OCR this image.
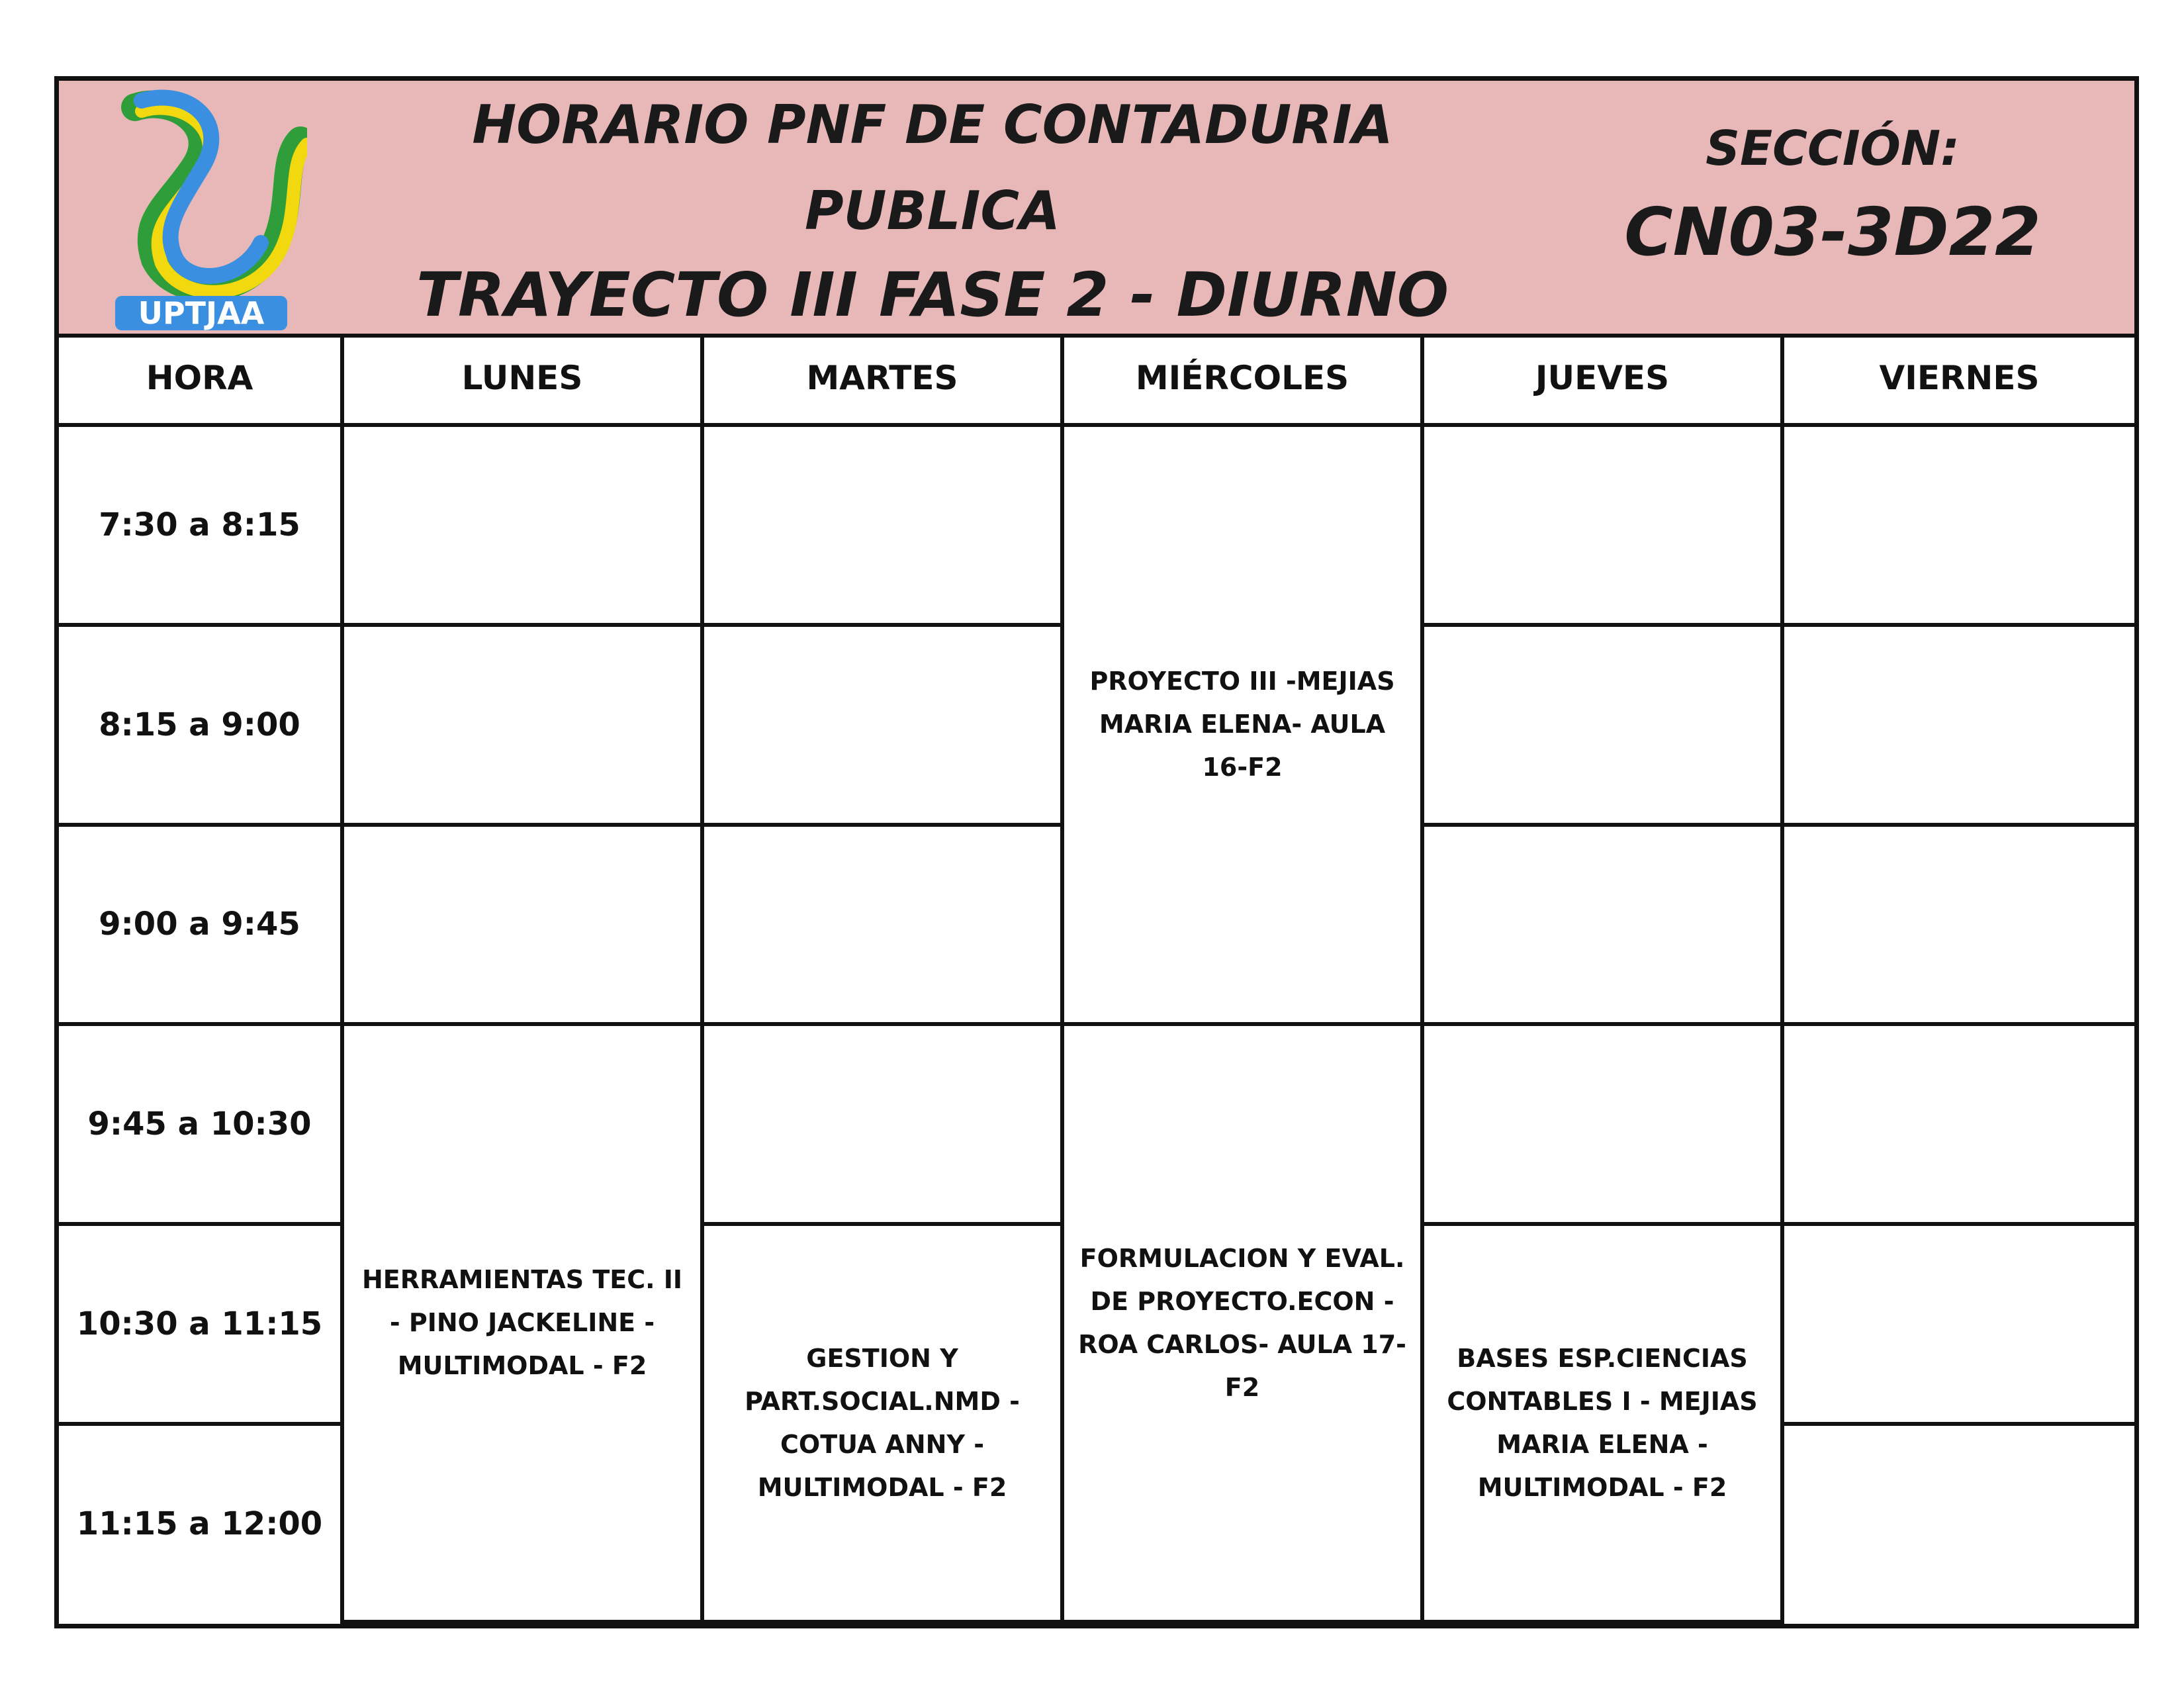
UPTJAA
HORARIO PNF DE CONTADURIA
PUBLICA
TRAYECTO III FASE 2 - DIURNO
SECCIÓN:
CN03-3D22
HORA	LUNES	MARTES	MIÉRCOLES	JUEVES	VIERNES
7:30 a 8:15			PROYECTO III -MEJIAS MARIA ELENA- AULA 16-F2		
8:15 a 9:00					
9:00 a 9:45					
9:45 a 10:30	HERRAMIENTAS TEC. II - PINO JACKELINE - MULTIMODAL - F2		FORMULACION Y EVAL. DE PROYECTO.ECON - ROA CARLOS- AULA 17-F2		
10:30 a 11:15		GESTION Y PART.SOCIAL.NMD - COTUA ANNY - MULTIMODAL - F2		BASES ESP.CIENCIAS CONTABLES I - MEJIAS MARIA ELENA - MULTIMODAL - F2	
11:15 a 12:00					
